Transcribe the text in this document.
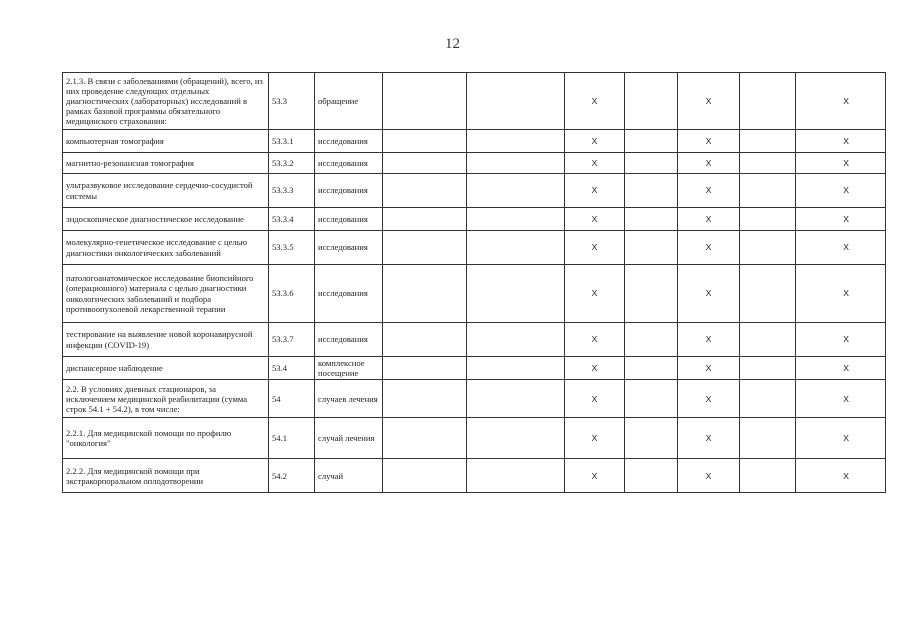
12
2.1.3. В связи с заболеваниями (обращений), всего, из них проведение следующих отдельных диагностических (лабораторных) исследований в рамках базовой программы обязательного медицинского страхования:	53.3	обращение			X		X		X
компьютерная томография	53.3.1	исследования			X		X		X
магнитно-резонансная томография	53.3.2	исследования			X		X		X
ультразвуковое исследование сердечно-сосудистой системы	53.3.3	исследования			X		X		X
эндоскопическое диагностическое исследование	53.3.4	исследования			X		X		X
молекулярно-генетическое исследование с целью диагностики онкологических заболеваний	53.3.5	исследования			X		X		X
патологоанатомическое исследование биопсийного (операционного) материала с целью диагностики онкологических заболеваний и подбора противоопухолевой лекарственной терапии	53.3.6	исследования			X		X		X
тестирование на выявление новой коронавирусной инфекции (COVID-19)	53.3.7	исследования			X		X		X
диспансерное наблюдение	53.4	комплексное посещение			X		X		X
2.2. В условиях дневных стационаров, за исключением медицинской реабилитации (сумма строк 54.1 + 54.2), в том числе:	54	случаев лечения			X		X		X
2.2.1. Для медицинской помощи по профилю "онкология"	54.1	случай лечения			X		X		X
2.2.2. Для медицинской помощи при экстракорпоральном оплодотворении	54.2	случай			X		X		X
